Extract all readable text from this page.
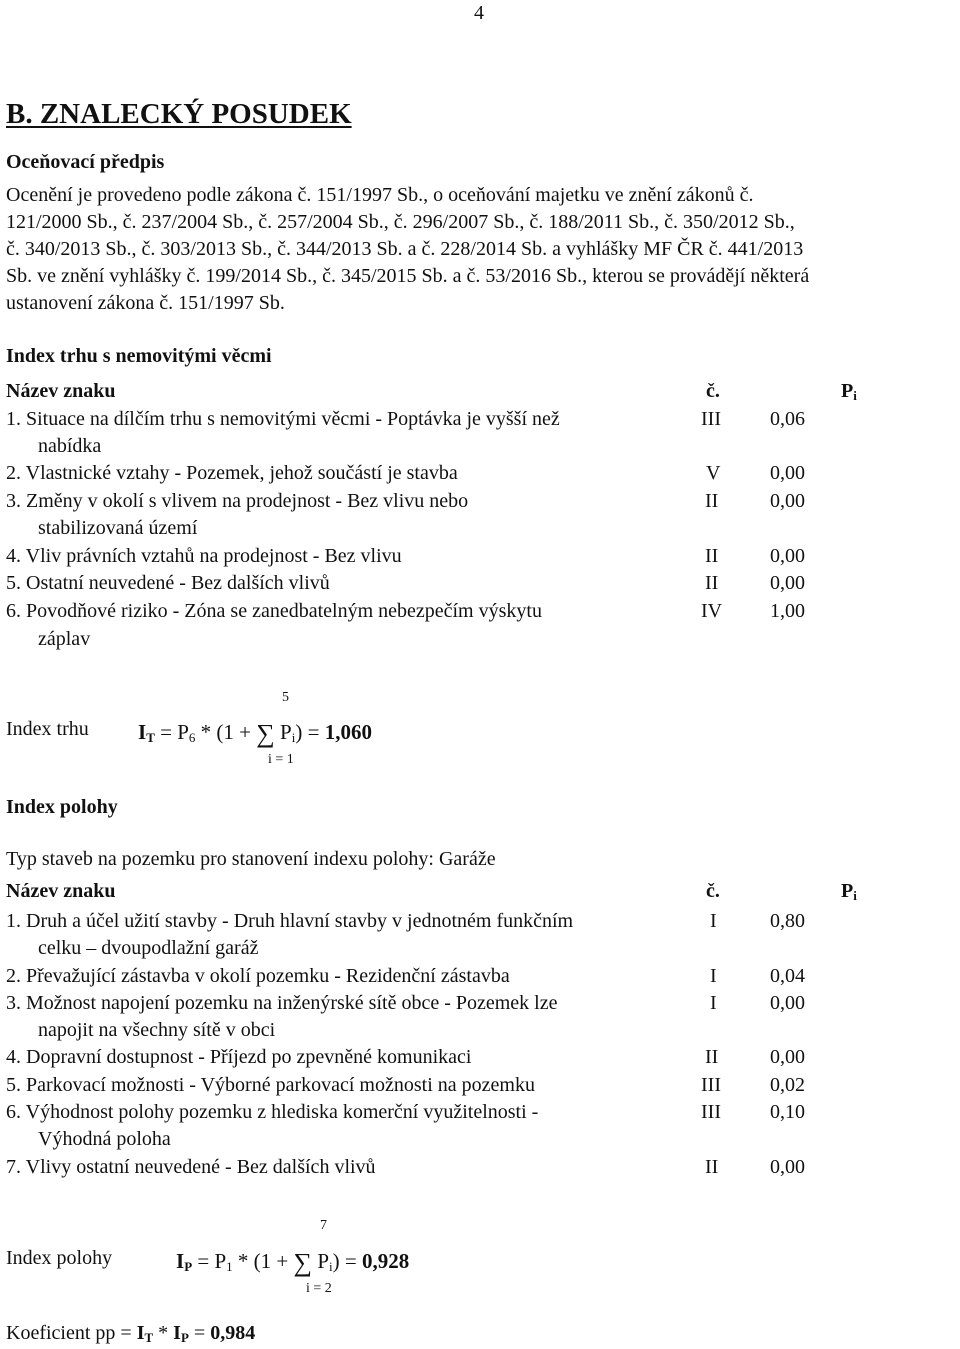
4
B. ZNALECKÝ POSUDEK
Oceňovací předpis
Ocenění je provedeno podle zákona č. 151/1997 Sb., o oceňování majetku ve znění zákonů č.
121/2000 Sb., č. 237/2004 Sb., č. 257/2004 Sb., č. 296/2007 Sb., č. 188/2011 Sb., č. 350/2012 Sb.,
č. 340/2013 Sb., č. 303/2013 Sb., č. 344/2013 Sb. a č. 228/2014 Sb. a vyhlášky MF ČR č. 441/2013
Sb. ve znění vyhlášky č. 199/2014 Sb., č. 345/2015 Sb. a č. 53/2016 Sb., kterou se provádějí některá
ustanovení zákona č. 151/1997 Sb.
Index trhu s nemovitými věcmi
Název znaku	č.	$P_i$
1. Situace na dílčím trhu s nemovitými věcmi - Poptávka je vyšší než
nabídka
III 0,06
2. Vlastnické vztahy - Pozemek, jehož součástí je stavba	V 0,00
3. Změny v okolí s vlivem na prodejnost - Bez vlivu nebo
stabilizovaná území
II	0,00
4. Vliv právních vztahů na prodejnost - Bez vlivu	II	0,00
5. Ostatní neuvedené - Bez dalších vlivů	II	0,00
6. Povodňové riziko - Zóna se zanedbatelným nebezpečím výskytu
záplav
IV 1,00
5
Index trhu $I_T = P_6 * (1$ + ∑ $P_i) = 1,060$
i = 1
Index polohy
Typ staveb na pozemku pro stanovení indexu polohy: Garáže
Název znaku	č.	$P_i$
1. Druh a účel užití stavby - Druh hlavní stavby v jednotném funkčním
celku – dvoupodlažní garáž
I	0,80
2. Převažující zástavba v okolí pozemku - Rezidenční zástavba	I	0,04
3. Možnost napojení pozemku na inženýrské sítě obce - Pozemek lze
napojit na všechny sítě v obci
I	0,00
4. Dopravní dostupnost - Příjezd po zpevněné komunikaci	II	0,00
5. Parkovací možnosti - Výborné parkovací možnosti na pozemku	III 0,02
6. Výhodnost polohy pozemku z hlediska komerční využitelnosti -
Výhodná poloha
III 0,10
7. Vlivy ostatní neuvedené - Bez dalších vlivů	II	0,00
7
Index polohy	$I_P = P_1 * (1$ + ∑ $P_i) = 0,928$
i = 2
Koeficient pp = $I_T * I_P = 0,984$
